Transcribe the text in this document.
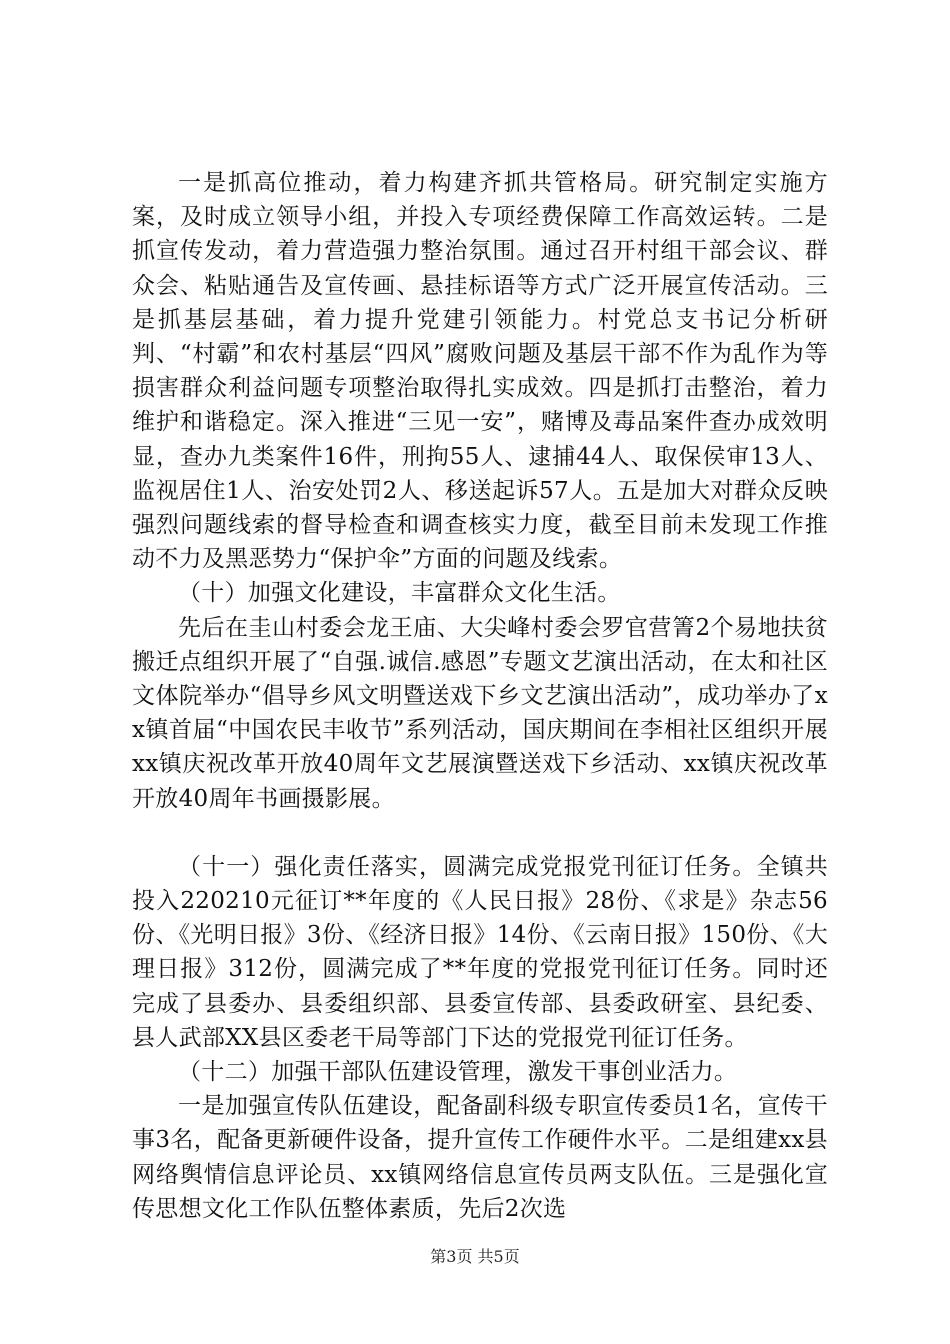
一是抓高位推动，着力构建齐抓共管格局。研究制定实施方案，及时成立领导小组，并投入专项经费保障工作高效运转。二是抓宣传发动，着力营造强力整治氛围。通过召开村组干部会议、群众会、粘贴通告及宣传画、悬挂标语等方式广泛开展宣传活动。三是抓基层基础，着力提升党建引领能力。村党总支书记分析研判、“村霸”和农村基层“四风”腐败问题及基层干部不作为乱作为等损害群众利益问题专项整治取得扎实成效。四是抓打击整治，着力维护和谐稳定。深入推进“三见一安”，赌博及毒品案件查办成效明显，查办九类案件16件，刑拘55人、逮捕44人、取保侯审13人、监视居住1人、治安处罚2人、移送起诉57人。五是加大对群众反映强烈问题线索的督导检查和调查核实力度，截至目前未发现工作推动不力及黑恶势力“保护伞”方面的问题及线索。

（十）加强文化建设，丰富群众文化生活。

先后在圭山村委会龙王庙、大尖峰村委会罗官营箐2个易地扶贫搬迁点组织开展了“自强.诚信.感恩”专题文艺演出活动，在太和社区文体院举办“倡导乡风文明暨送戏下乡文艺演出活动”，成功举办了xx镇首届“中国农民丰收节”系列活动，国庆期间在李相社区组织开展xx镇庆祝改革开放40周年文艺展演暨送戏下乡活动、xx镇庆祝改革开放40周年书画摄影展。

（十一）强化责任落实，圆满完成党报党刊征订任务。全镇共投入220210元征订**年度的《人民日报》28份、《求是》杂志56份、《光明日报》3份、《经济日报》14份、《云南日报》150份、《大理日报》312份，圆满完成了**年度的党报党刊征订任务。同时还完成了县委办、县委组织部、县委宣传部、县委政研室、县纪委、县人武部XX县区委老干局等部门下达的党报党刊征订任务。

（十二）加强干部队伍建设管理，激发干事创业活力。

一是加强宣传队伍建设，配备副科级专职宣传委员1名，宣传干事3名，配备更新硬件设备，提升宣传工作硬件水平。二是组建xx县网络舆情信息评论员、xx镇网络信息宣传员两支队伍。三是强化宣传思想文化工作队伍整体素质，先后2次选

第3页 共5页
